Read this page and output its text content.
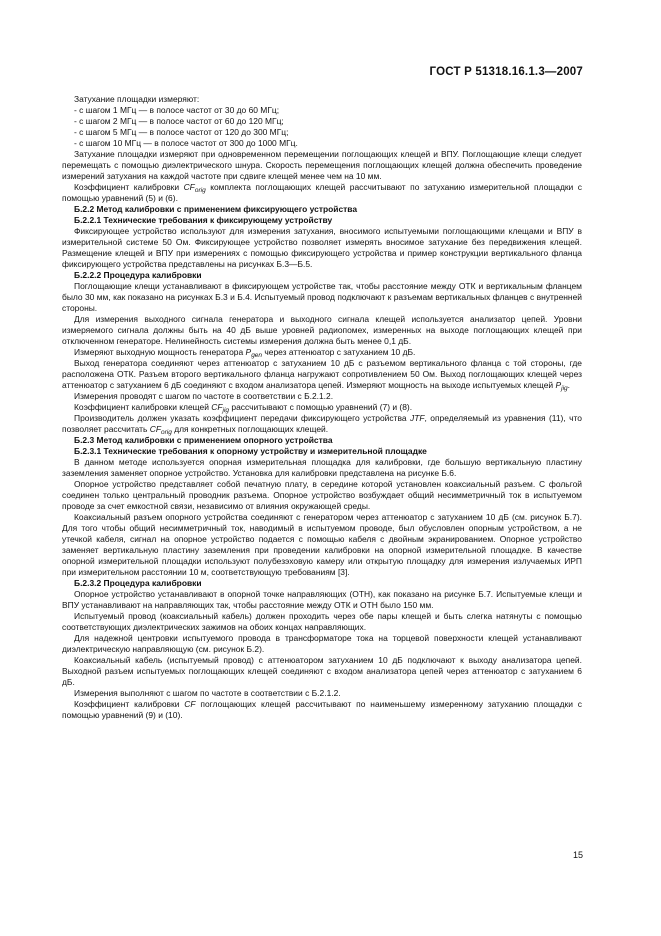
ГОСТ Р 51318.16.1.3—2007

Затухание площадки измеряют:

- с шагом 1 МГц — в полосе частот от 30 до 60 МГц;

- с шагом 2 МГц — в полосе частот от 60 до 120 МГц;

- с шагом 5 МГц — в полосе частот от 120 до 300 МГц;

- с шагом 10 МГц — в полосе частот от 300 до 1000 МГц.

Затухание площадки измеряют при одновременном перемещении поглощающих клещей и ВПУ. Поглощающие клещи следует перемещать с помощью диэлектрического шнура. Скорость перемещения поглощающих клещей должна обеспечить проведение измерений затухания на каждой частоте при сдвиге клещей менее чем на 10 мм.

Коэффициент калибровки $CF_{orig}$ комплекта поглощающих клещей рассчитывают по затуханию измерительной площадки с помощью уравнений (5) и (6).

Б.2.2 Метод калибровки с применением фиксирующего устройства

Б.2.2.1 Технические требования к фиксирующему устройству

Фиксирующее устройство используют для измерения затухания, вносимого испытуемыми поглощающими клещами и ВПУ в измерительной системе 50 Ом. Фиксирующее устройство позволяет измерять вносимое затухание без передвижения клещей. Размещение клещей и ВПУ при измерениях с помощью фиксирующего устройства и пример конструкции вертикального фланца фиксирующего устройства представлены на рисунках Б.3—Б.5.

Б.2.2.2 Процедура калибровки

Поглощающие клещи устанавливают в фиксирующем устройстве так, чтобы расстояние между ОТК и вертикальным фланцем было 30 мм, как показано на рисунках Б.3 и Б.4. Испытуемый провод подключают к разъемам вертикальных фланцев с внутренней стороны.

Для измерения выходного сигнала генератора и выходного сигнала клещей используется анализатор цепей. Уровни измеряемого сигнала должны быть на 40 дБ выше уровней радиопомех, измеренных на выходе поглощающих клещей при отключенном генераторе. Нелинейность системы измерения должна быть менее 0,1 дБ.

Измеряют выходную мощность генератора $P_{gen}$ через аттенюатор с затуханием 10 дБ.

Выход генератора соединяют через аттенюатор с затуханием 10 дБ с разъемом вертикального фланца с той стороны, где расположена ОТК. Разъем второго вертикального фланца нагружают сопротивлением 50 Ом. Выход поглощающих клещей через аттенюатор с затуханием 6 дБ соединяют с входом анализатора цепей. Измеряют мощность на выходе испытуемых клещей $P_{jig}$.

Измерения проводят с шагом по частоте в соответствии с Б.2.1.2.

Коэффициент калибровки клещей $CF_{jig}$ рассчитывают с помощью уравнений (7) и (8).

Производитель должен указать коэффициент передачи фиксирующего устройства JTF, определяемый из уравнения (11), что позволяет рассчитать $CF_{orig}$ для конкретных поглощающих клещей.

Б.2.3 Метод калибровки с применением опорного устройства

Б.2.3.1 Технические требования к опорному устройству и измерительной площадке

В данном методе используется опорная измерительная площадка для калибровки, где большую вертикальную пластину заземления заменяет опорное устройство. Установка для калибровки представлена на рисунке Б.6.

Опорное устройство представляет собой печатную плату, в середине которой установлен коаксиальный разъем. С фольгой соединен только центральный проводник разъема. Опорное устройство возбуждает общий несимметричный ток в испытуемом проводе за счет емкостной связи, независимо от влияния окружающей среды.

Коаксиальный разъем опорного устройства соединяют с генератором через аттенюатор с затуханием 10 дБ (см. рисунок Б.7). Для того чтобы общий несимметричный ток, наводимый в испытуемом проводе, был обусловлен опорным устройством, а не утечкой кабеля, сигнал на опорное устройство подается с помощью кабеля с двойным экранированием. Опорное устройство заменяет вертикальную пластину заземления при проведении калибровки на опорной измерительной площадке. В качестве опорной измерительной площадки используют полубезэховую камеру или открытую площадку для измерения излучаемых ИРП при измерительном расстоянии 10 м, соответствующую требованиям [3].

Б.2.3.2 Процедура калибровки

Опорное устройство устанавливают в опорной точке направляющих (ОТН), как показано на рисунке Б.7. Испытуемые клещи и ВПУ устанавливают на направляющих так, чтобы расстояние между ОТК и ОТН было 150 мм.

Испытуемый провод (коаксиальный кабель) должен проходить через обе пары клещей и быть слегка натянуты с помощью соответствующих диэлектрических зажимов на обоих концах направляющих.

Для надежной центровки испытуемого провода в трансформаторе тока на торцевой поверхности клещей устанавливают диэлектрическую направляющую (см. рисунок Б.2).

Коаксиальный кабель (испытуемый провод) с аттенюатором затуханием 10 дБ подключают к выходу анализатора цепей. Выходной разъем испытуемых поглощающих клещей соединяют с входом анализатора цепей через аттенюатор с затуханием 6 дБ.

Измерения выполняют с шагом по частоте в соответствии с Б.2.1.2.

Коэффициент калибровки CF поглощающих клещей рассчитывают по наименьшему измеренному затуханию площадки с помощью уравнений (9) и (10).

15
